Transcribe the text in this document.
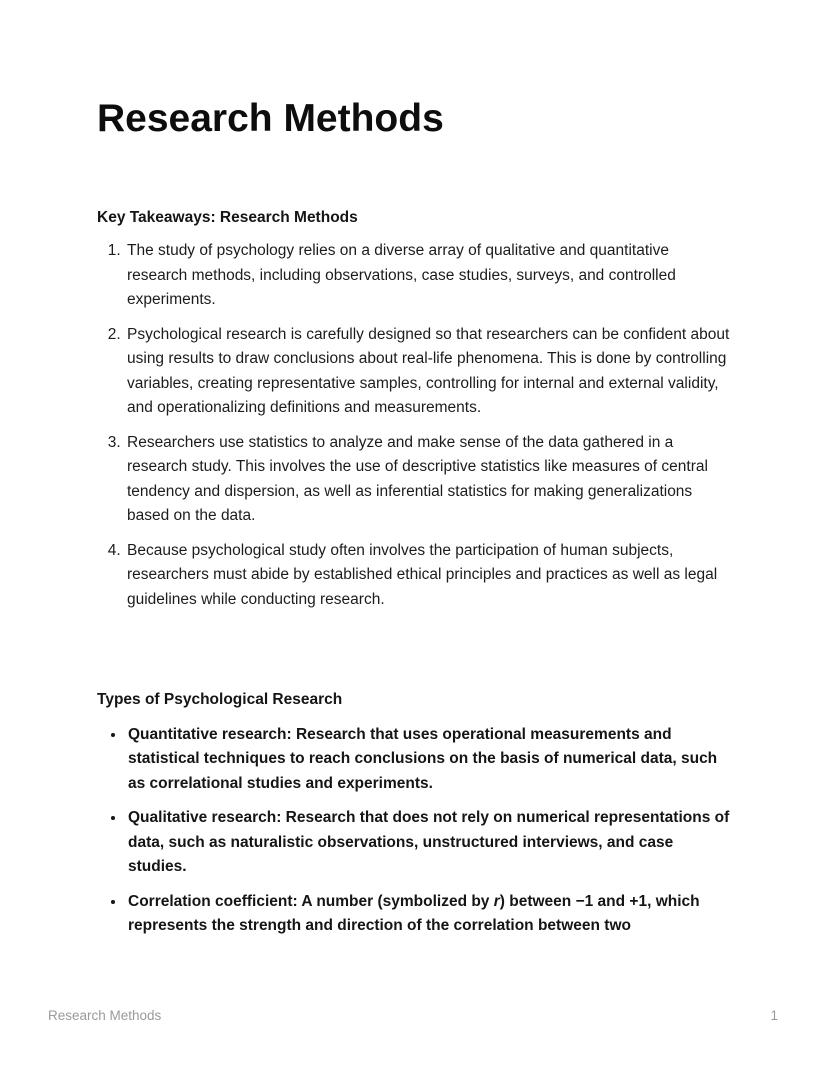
Research Methods
Key Takeaways: Research Methods
1. The study of psychology relies on a diverse array of qualitative and quantitative research methods, including observations, case studies, surveys, and controlled experiments.
2. Psychological research is carefully designed so that researchers can be confident about using results to draw conclusions about real-life phenomena. This is done by controlling variables, creating representative samples, controlling for internal and external validity, and operationalizing definitions and measurements.
3. Researchers use statistics to analyze and make sense of the data gathered in a research study. This involves the use of descriptive statistics like measures of central tendency and dispersion, as well as inferential statistics for making generalizations based on the data.
4. Because psychological study often involves the participation of human subjects, researchers must abide by established ethical principles and practices as well as legal guidelines while conducting research.
Types of Psychological Research
• Quantitative research: Research that uses operational measurements and statistical techniques to reach conclusions on the basis of numerical data, such as correlational studies and experiments.
• Qualitative research: Research that does not rely on numerical representations of data, such as naturalistic observations, unstructured interviews, and case studies.
• Correlation coefficient: A number (symbolized by r) between −1 and +1, which represents the strength and direction of the correlation between two
Research Methods	1
